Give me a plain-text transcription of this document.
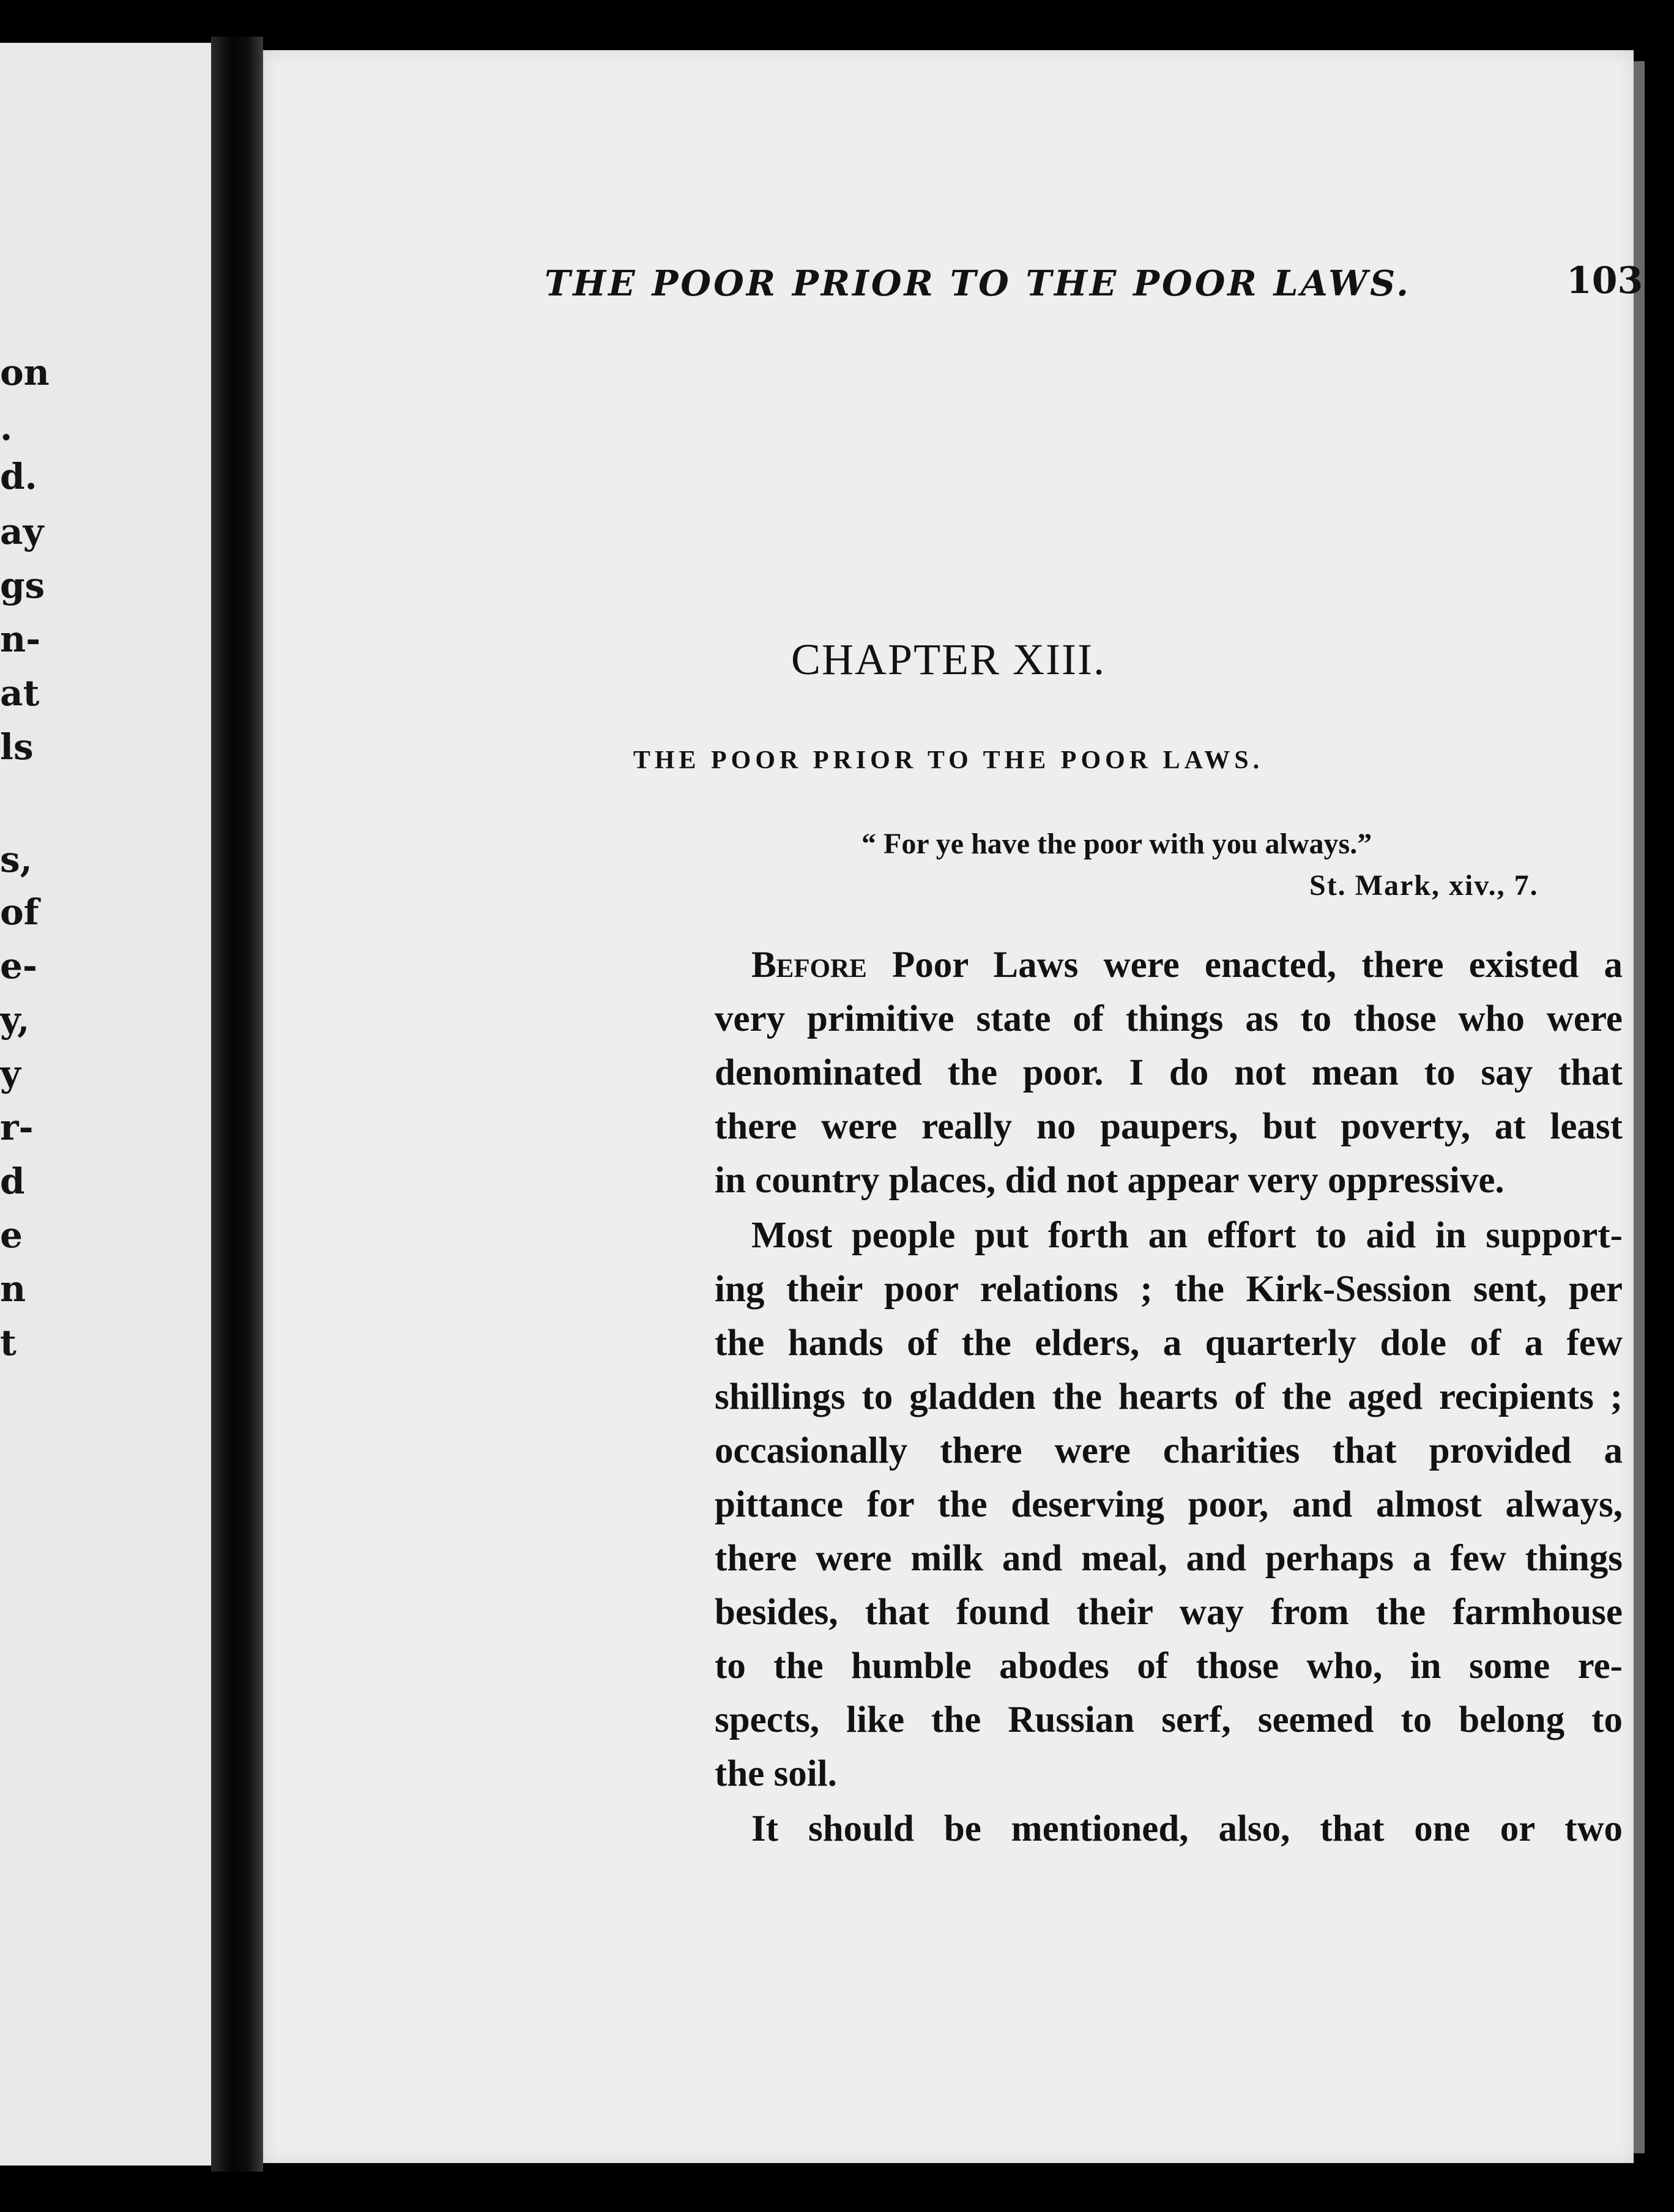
on
.
d.
ay
gs
n-
at
ls
s,
of
e-
y,
y
r-
d
e
n
t
THE POOR PRIOR TO THE POOR LAWS.	103
CHAPTER XIII.
THE POOR PRIOR TO THE POOR LAWS.
“ For ye have the poor with you always.”
St. Mark, xiv., 7.
Before Poor Laws were enacted, there existed a
very primitive state of things as to those who were
denominated the poor. I do not mean to say that
there were really no paupers, but poverty, at least
in country places, did not appear very oppressive.
Most people put forth an effort to aid in support-
ing their poor relations ; the Kirk-Session sent, per
the hands of the elders, a quarterly dole of a few
shillings to gladden the hearts of the aged recipients ;
occasionally there were charities that provided a
pittance for the deserving poor, and almost always,
there were milk and meal, and perhaps a few things
besides, that found their way from the farmhouse
to the humble abodes of those who, in some re-
spects, like the Russian serf, seemed to belong to
the soil.
It should be mentioned, also, that one or two
